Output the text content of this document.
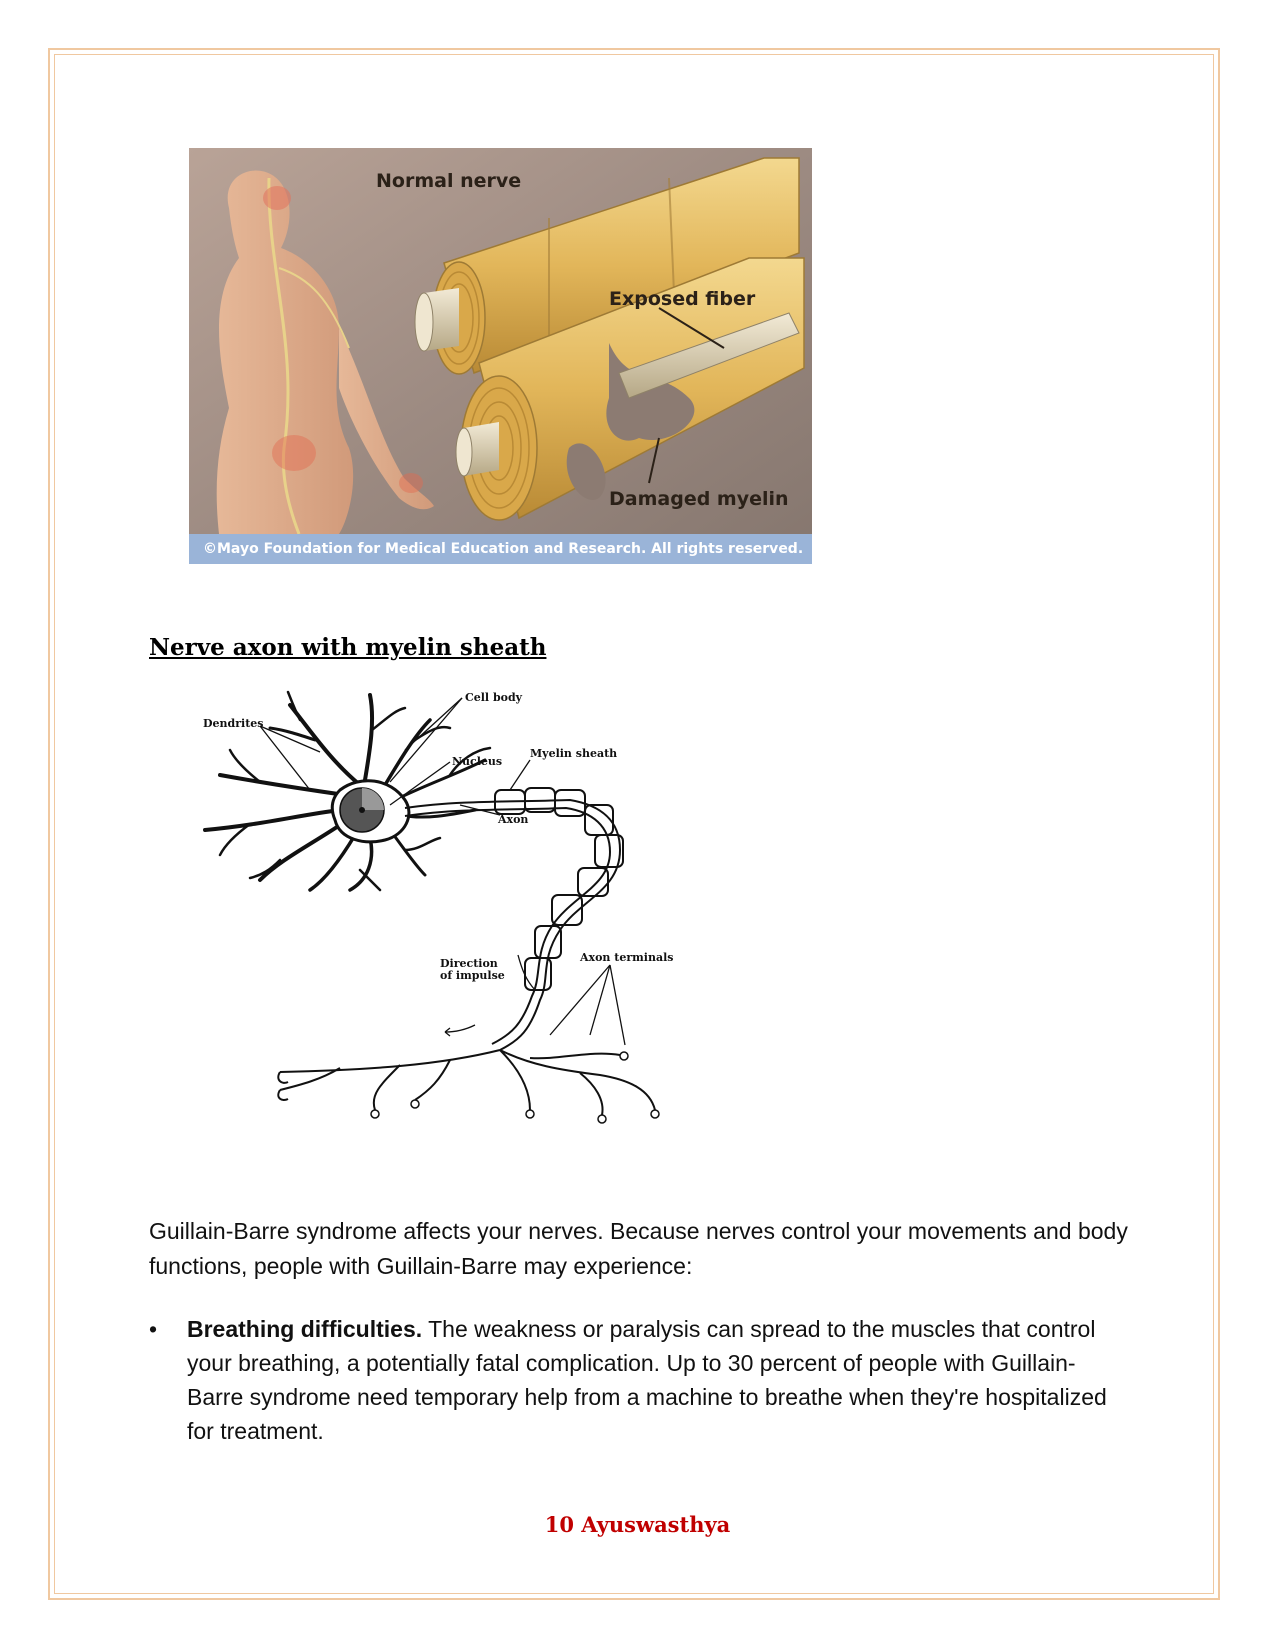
Normal nerve
Exposed fiber
Damaged myelin
©Mayo Foundation for Medical Education and Research. All rights reserved.
Nerve axon with myelin sheath
Cell body
Dendrites
Nucleus
Myelin sheath
Axon
Direction
of impulse
Axon terminals

Guillain-Barre syndrome affects your nerves. Because nerves control your movements and body functions, people with Guillain-Barre may experience:

• Breathing difficulties. The weakness or paralysis can spread to the muscles that control your breathing, a potentially fatal complication. Up to 30 percent of people with Guillain-Barre syndrome need temporary help from a machine to breathe when they're hospitalized for treatment.
10 Ayuswasthya
